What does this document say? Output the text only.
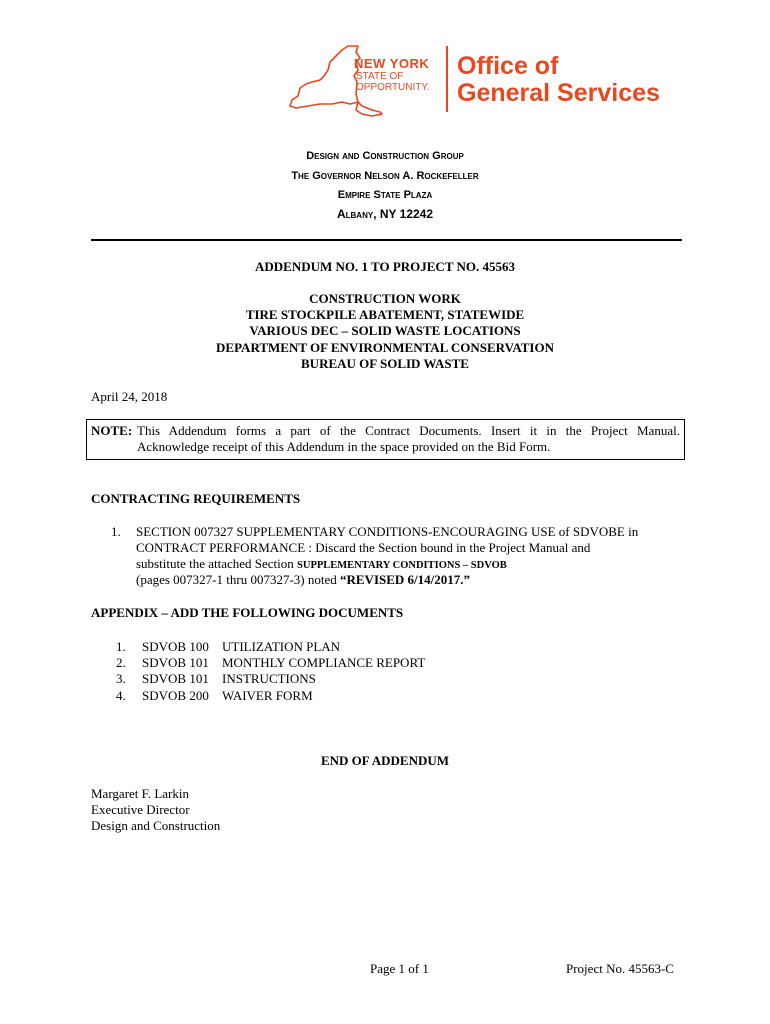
NEW YORK
STATE OF
OPPORTUNITY.
Office of
General Services
Design and Construction Group
The Governor Nelson A. Rockefeller
Empire State Plaza
Albany, NY 12242
ADDENDUM NO. 1 TO PROJECT NO. 45563
CONSTRUCTION WORK
TIRE STOCKPILE ABATEMENT, STATEWIDE
VARIOUS DEC – SOLID WASTE LOCATIONS
DEPARTMENT OF ENVIRONMENTAL CONSERVATION
BUREAU OF SOLID WASTE
April 24, 2018
NOTE: This Addendum forms a part of the Contract Documents. Insert it in the Project Manual.
Acknowledge receipt of this Addendum in the space provided on the Bid Form.
CONTRACTING REQUIREMENTS
1. SECTION 007327 SUPPLEMENTARY CONDITIONS-ENCOURAGING USE of SDVOBE in
CONTRACT PERFORMANCE : Discard the Section bound in the Project Manual and
substitute the attached Section SUPPLEMENTARY CONDITIONS – SDVOB
(pages 007327-1 thru 007327-3) noted “REVISED 6/14/2017.”
APPENDIX – ADD THE FOLLOWING DOCUMENTS
1. SDVOB 100 UTILIZATION PLAN
2. SDVOB 101 MONTHLY COMPLIANCE REPORT
3. SDVOB 101 INSTRUCTIONS
4. SDVOB 200 WAIVER FORM
END OF ADDENDUM
Margaret F. Larkin
Executive Director
Design and Construction
Page 1 of 1	Project No. 45563-C
